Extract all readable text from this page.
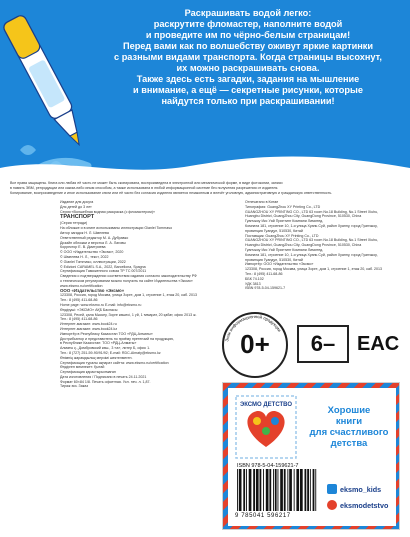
Раскрашивать водой легко:

раскрутите фломастер, наполните водой

и проведите им по чёрно-белым страницам!

Перед вами как по волшебству оживут яркие картинки

с разными видами транспорта. Когда страницы высохнут,

их можно раскрашивать снова.

Также здесь есть загадки, задания на мышление

и внимание, а ещё — секретные рисунки, которые

найдутся только при раскрашивании!

Все права защищены. Книга или любая её часть не может быть скопирована, воспроизведена в электронной или механической форме, в виде фотокопии, записи
в память ЭВМ, репродукции или каким-либо иным способом, а также использована в любой информационной системе без получения разрешения от издателя.
Копирование, воспроизведение и иное использование книги или её части без согласия издателя является незаконным и влечёт уголовную, административную и гражданскую ответственность.
Издание для досуга
Для детей до 3 лет
Серия «Волшебная водная раскраска (с фломастером)»
ТРАНСПОРТ
(Серия тетради)
На обложке и в книге использованы иллюстрации Gianlei Tommaso
Автор загадок Н. Л. Шмелева
Ответственный редактор М. А. Дубравко
Дизайн обложки и верстка Л. А. Лаговы
Корректор Е. В. Дмитриева
© ООО «Издательство «Эксмо», 2020
© Шмелева Н. Л., текст, 2022
© Gianlei Tommaso, иллюстрации, 2022
© Edizioni CARAMEL S.A., 2022, Barcellona, Spagna
Сертификация Таможенного союза ТР ТС 007/2011
Сведения о подтверждении соответствия издания согласно законодательству РФ
о техническом регулировании можно получить на сайте Издательства «Эксмо»
www.eksmo.ru/certification
ООО «Издательство «Эксмо»
123308, Россия, город Москва, улица Зорге, дом 1, строение 1, этаж 20, каб. 2013
Тел.: 8 (495) 411-68-86
Home page: www.eksmo.ru E-mail: info@eksmo.ru
Өндіруші: «ЭКСМО» АҚБ Баспасы
123308, Ресей, қала Мәскеу, Зорге көшесі, 1 үй, 1 ғимарат, 20 қабат, офис 2013 ж.
Тел.: 8 (495) 411-68-86
Интернет-магазин: www.book24.ru
Интернет-магазин: www.book24.kz
Импортёр в Республику Казахстан ТОО «РДЦ-Алматы»
Дистрибьютор и представитель по приёму претензий на продукцию,
в Республике Казахстан: ТОО «РДЦ-Алматы»
Алматы қ., Домбровский көш., 3 «а», литер Б, офис 1.
Тел.: 8 (727) 251-59-90/91/92; E-mail: RDC-Almaty@eksmo.kz
Өнімнің жарамдылық мерзімі шектелмеген.
Сертификация туралы ақпарат сайтта: www.eksmo.ru/certification
Өндірген мемлекет: Қытай
Сертификация қарастырылмаған
Дата изготовления / Подписано в печать 24.11.2021
Формат 60×84 1/8. Печать офсетная. Усл. печ. л. 1,87.
Тираж экз. Заказ
Отпечатано в Китае
Типография: GuangZhou XY Printing Co., LTD
GUANGZHOU XY PRINTING CO., LTD 63 room No.18 Building, No.1 Street Xiuhu,
Huangbu District, GuangZhou City, GuangDong Province, 510530, China
Гуанчжоу Икс Уай Принтинг Компани Лимитед.
Комната 181, строение 10, 1-я улица Хуань Суй, район Хуанпу, город Гуанчжоу,
провинция Гуандун, 510530, Китай
Поставщик: GuangZhou XY Printing Co., LTD
GUANGZHOU XY PRINTING CO., LTD 63 room No.18 Building, No.1 Street Xiuhu,
Huangbu District, GuangZhou City, GuangDong Province, 510530, China
Гуанчжоу Икс Уай Принтинг Компани Лимитед.
Комната 181, строение 10, 1-я улица Хуань Суй, район Хуанпу, город Гуанчжоу,
провинция Гуандун, 510530, Китай
Импортёр: ООО «Издательство «Эксмо»
123308, Россия, город Москва, улица Зорге, дом 1, строение 1, этаж 20, каб. 2013
Тел.: 8 (495) 411-68-86
ББК 74.102
УДК 3813
ISBN 978-5-04-159621-7
Знак информационной продукции
0+	6–	EAC
ЭКСМО ДЕТСТВО	Хорошие

книги

для счастливого

детства

ISBN 978-5-04-159621-7
9 785041 596217
eksmo_kids
eksmodetstvo
